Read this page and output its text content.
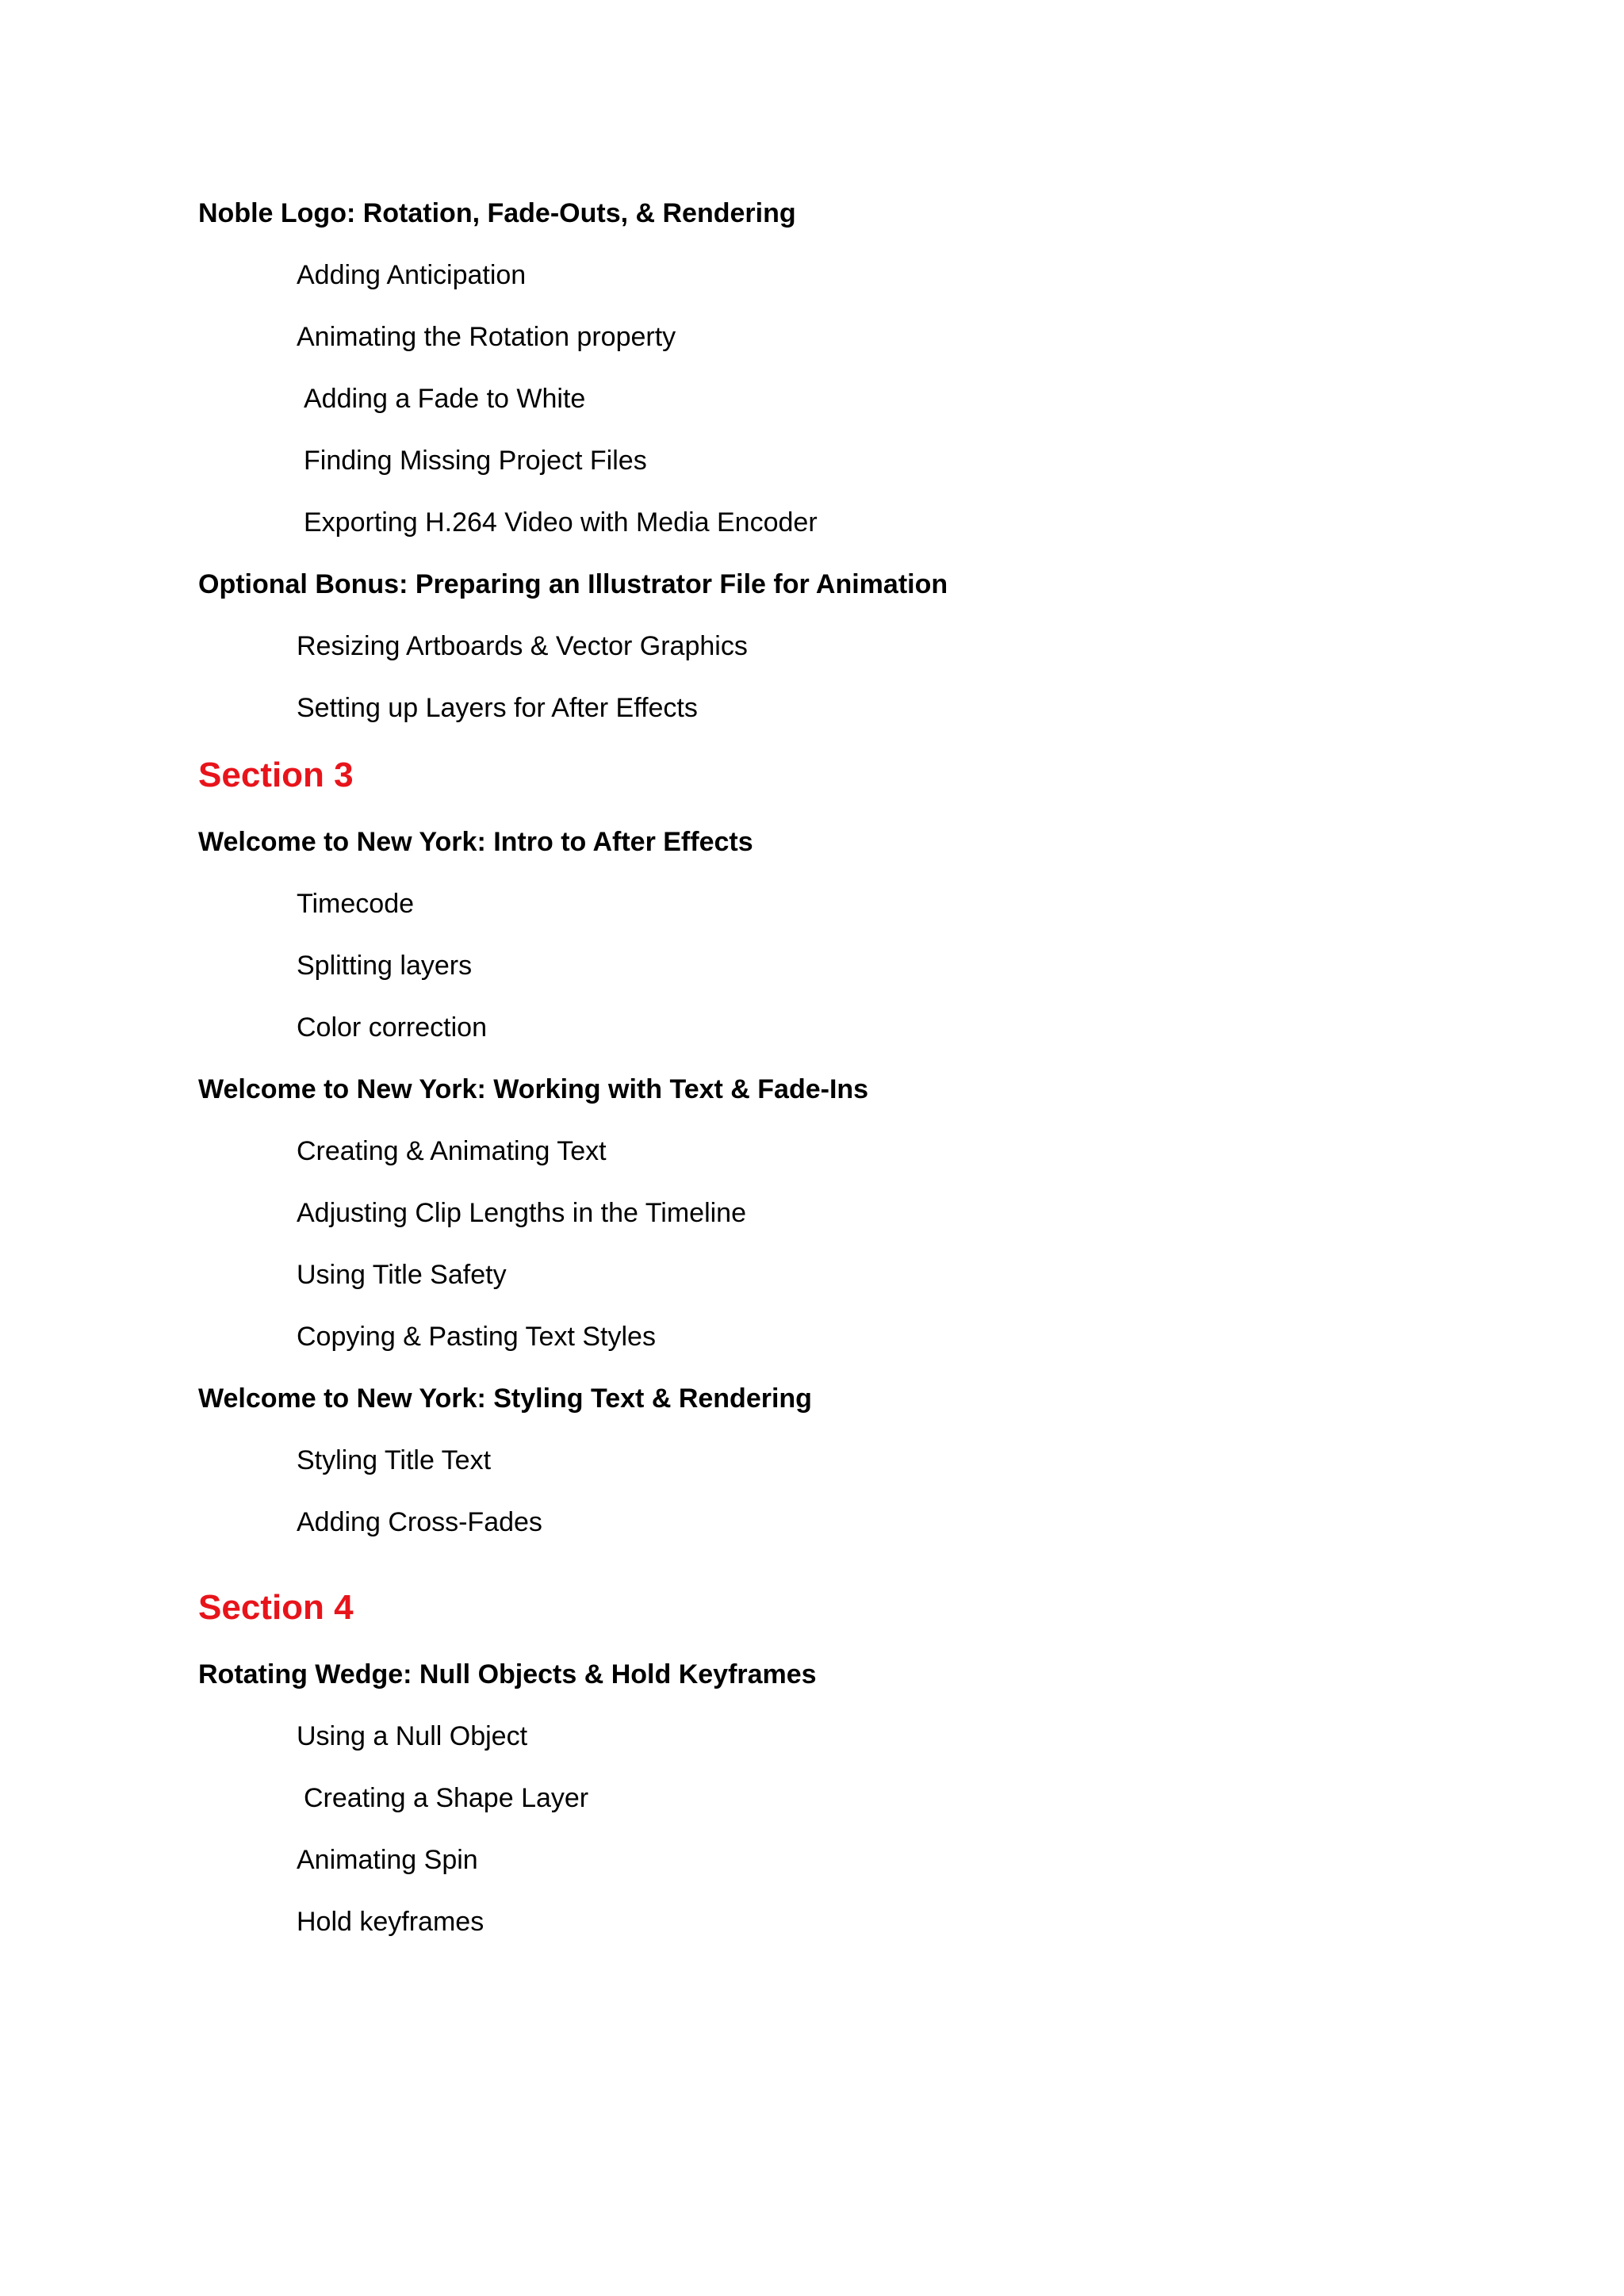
Noble Logo: Rotation, Fade-Outs, & Rendering
Adding Anticipation
Animating the Rotation property
Adding a Fade to White
Finding Missing Project Files
Exporting H.264 Video with Media Encoder
Optional Bonus: Preparing an Illustrator File for Animation
Resizing Artboards & Vector Graphics
Setting up Layers for After Effects
Section 3
Welcome to New York: Intro to After Effects
Timecode
Splitting layers
Color correction
Welcome to New York: Working with Text & Fade-Ins
Creating & Animating Text
Adjusting Clip Lengths in the Timeline
Using Title Safety
Copying & Pasting Text Styles
Welcome to New York: Styling Text & Rendering
Styling Title Text
Adding Cross-Fades
Section 4
Rotating Wedge: Null Objects & Hold Keyframes
Using a Null Object
Creating a Shape Layer
Animating Spin
Hold keyframes
